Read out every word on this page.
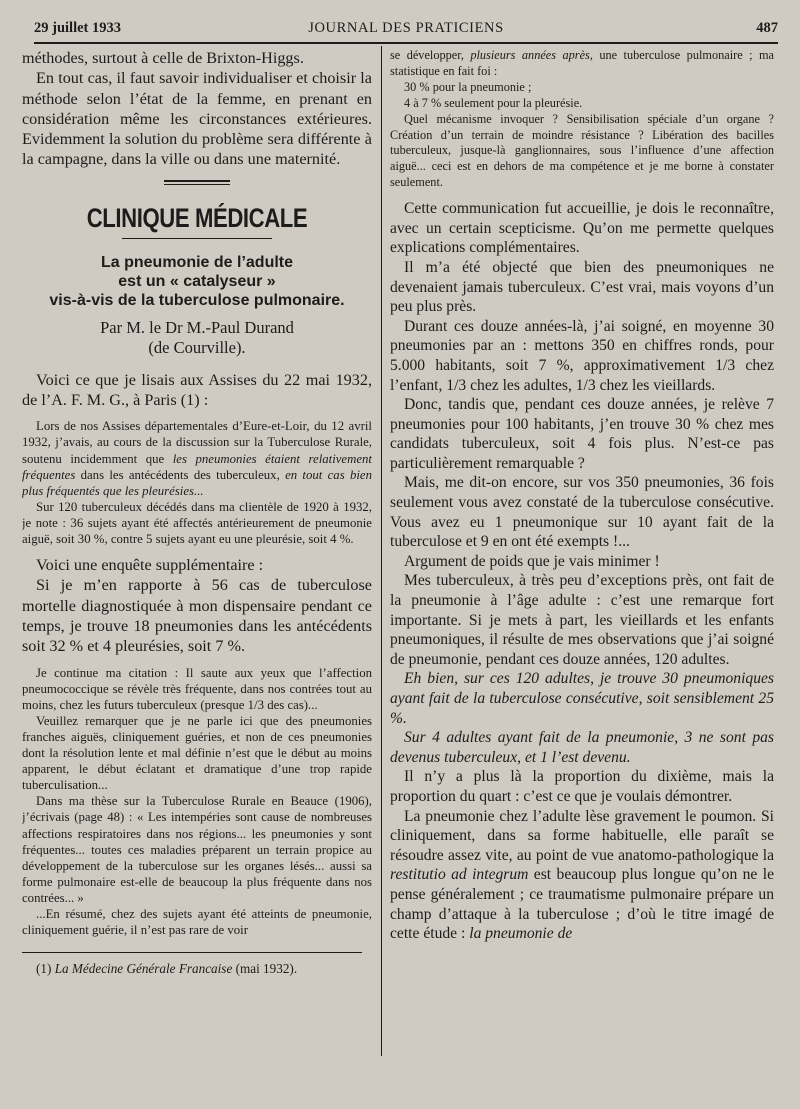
29 juillet 1933	JOURNAL DES PRATICIENS	487

méthodes, surtout à celle de Brixton-Higgs.

En tout cas, il faut savoir individualiser et choisir la méthode selon l’état de la femme, en prenant en considération même les circonstances extérieures. Evidemment la solution du problème sera différente à la campagne, dans la ville ou dans une maternité.

CLINIQUE MÉDICALE

La pneumonie de l’adulte

est un « catalyseur »

vis-à-vis de la tuberculose pulmonaire.

Par M. le Dr M.-Paul Durand

(de Courville).

Voici ce que je lisais aux Assises du 22 mai 1932, de l’A. F. M. G., à Paris (1) :

Lors de nos Assises départementales d’Eure-et-Loir, du 12 avril 1932, j’avais, au cours de la discussion sur la Tuberculose Rurale, soutenu incidemment que les pneumonies étaient relativement fréquentes dans les antécédents des tuberculeux, en tout cas bien plus fréquentés que les pleurésies...

Sur 120 tuberculeux décédés dans ma clientèle de 1920 à 1932, je note : 36 sujets ayant été affectés antérieurement de pneumonie aiguë, soit 30 %, contre 5 sujets ayant eu une pleurésie, soit 4 %.

Voici une enquête supplémentaire :

Si je m’en rapporte à 56 cas de tuberculose mortelle diagnostiquée à mon dispensaire pendant ce temps, je trouve 18 pneumonies dans les antécédents soit 32 % et 4 pleurésies, soit 7 %.

Je continue ma citation : Il saute aux yeux que l’affection pneumococcique se révèle très fréquente, dans nos contrées tout au moins, chez les futurs tuberculeux (presque 1/3 des cas)...

Veuillez remarquer que je ne parle ici que des pneumonies franches aiguës, cliniquement guéries, et non de ces pneumonies dont la résolution lente et mal définie n’est que le début au moins apparent, le début éclatant et dramatique d’une trop rapide tuberculisation...

Dans ma thèse sur la Tuberculose Rurale en Beauce (1906), j’écrivais (page 48) : « Les intempéries sont cause de nombreuses affections respiratoires dans nos régions... les pneumonies y sont fréquentes... toutes ces maladies préparent un terrain propice au développement de la tuberculose sur les organes lésés... aussi sa forme pulmonaire est-elle de beaucoup la plus fréquente dans nos contrées... »

...En résumé, chez des sujets ayant été atteints de pneumonie, cliniquement guérie, il n’est pas rare de voir

(1) La Médecine Générale Francaise (mai 1932).

se développer, plusieurs années après, une tuberculose pulmonaire ; ma statistique en fait foi :

30 % pour la pneumonie ;

4 à 7 % seulement pour la pleurésie.

Quel mécanisme invoquer ? Sensibilisation spéciale d’un organe ? Création d’un terrain de moindre résistance ? Libération des bacilles tuberculeux, jusque-là ganglionnaires, sous l’influence d’une affection aiguë... ceci est en dehors de ma compétence et je me borne à constater seulement.

Cette communication fut accueillie, je dois le reconnaître, avec un certain scepticisme. Qu’on me permette quelques explications complémentaires.

Il m’a été objecté que bien des pneumoniques ne devenaient jamais tuberculeux. C’est vrai, mais voyons d’un peu plus près.

Durant ces douze années-là, j’ai soigné, en moyenne 30 pneumonies par an : mettons 350 en chiffres ronds, pour 5.000 habitants, soit 7 %, approximativement 1/3 chez l’enfant, 1/3 chez les adultes, 1/3 chez les vieillards.

Donc, tandis que, pendant ces douze années, je relève 7 pneumonies pour 100 habitants, j’en trouve 30 % chez mes candidats tuberculeux, soit 4 fois plus. N’est-ce pas particulièrement remarquable ?

Mais, me dit-on encore, sur vos 350 pneumonies, 36 fois seulement vous avez constaté de la tuberculose consécutive. Vous avez eu 1 pneumonique sur 10 ayant fait de la tuberculose et 9 en ont été exempts !...

Argument de poids que je vais minimer !

Mes tuberculeux, à très peu d’exceptions près, ont fait de la pneumonie à l’âge adulte : c’est une remarque fort importante. Si je mets à part, les vieillards et les enfants pneumoniques, il résulte de mes observations que j’ai soigné de pneumonie, pendant ces douze années, 120 adultes.

Eh bien, sur ces 120 adultes, je trouve 30 pneumoniques ayant fait de la tuberculose consécutive, soit sensiblement 25 %.

Sur 4 adultes ayant fait de la pneumonie, 3 ne sont pas devenus tuberculeux, et 1 l’est devenu.

Il n’y a plus là la proportion du dixième, mais la proportion du quart : c’est ce que je voulais démontrer.

La pneumonie chez l’adulte lèse gravement le poumon. Si cliniquement, dans sa forme habituelle, elle paraît se résoudre assez vite, au point de vue anatomo-pathologique la restitutio ad integrum est beaucoup plus longue qu’on ne le pense généralement ; ce traumatisme pulmonaire prépare un champ d’attaque à la tuberculose ; d’où le titre imagé de cette étude : la pneumonie de
